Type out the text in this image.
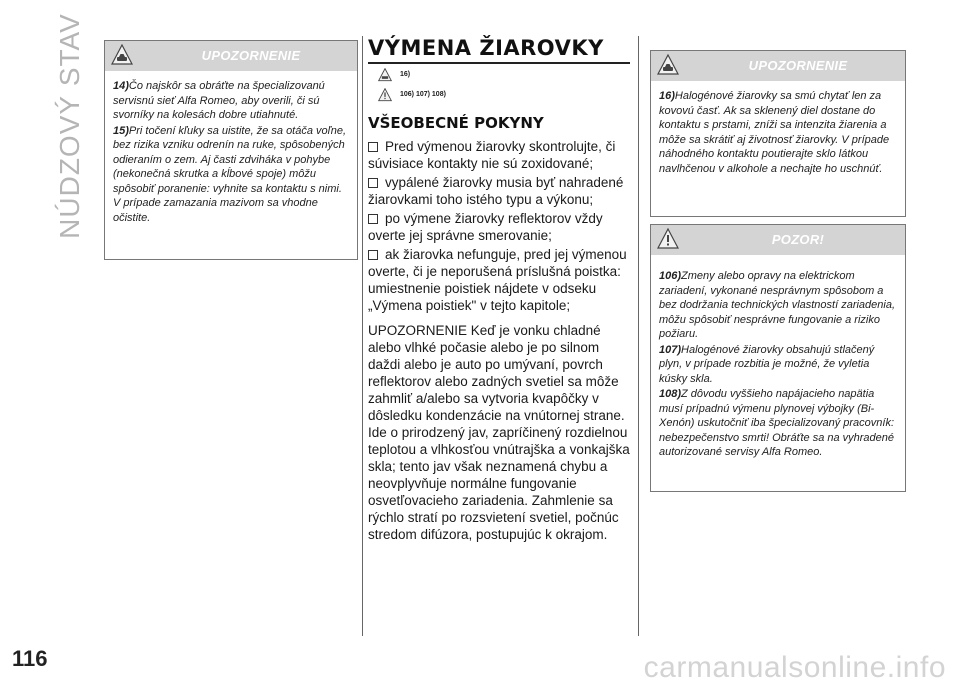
NÚDZOVÝ STAV	UPOZORNENIE

14)Čo najskôr sa obráťte na špecializovanú servisnú sieť Alfa Romeo, aby overili, či sú svorníky na kolesách dobre utiahnuté.

15)Pri točení kľuky sa uistite, že sa otáča voľne, bez rizika vzniku odrenín na ruke, spôsobených odieraním o zem. Aj časti zdviháka v pohybe (nekonečná skrutka a kĺbové spoje) môžu spôsobiť poranenie: vyhnite sa kontaktu s nimi. V prípade zamazania mazivom sa vhodne očistite.

VÝMENA ŽIAROVKY
16)
106) 107) 108)
VŠEOBECNÉ POKYNY

Pred výmenou žiarovky skontrolujte, či súvisiace kontakty nie sú zoxidované;

vypálené žiarovky musia byť nahradené žiarovkami toho istého typu a výkonu;

po výmene žiarovky reflektorov vždy overte jej správne smerovanie;

ak žiarovka nefunguje, pred jej výmenou overte, či je neporušená príslušná poistka: umiestnenie poistiek nájdete v odseku „Výmena poistiek" v tejto kapitole;

UPOZORNENIE Keď je vonku chladné alebo vlhké počasie alebo je po silnom daždi alebo je auto po umývaní, povrch reflektorov alebo zadných svetiel sa môže zahmliť a/alebo sa vytvoria kvapôčky v dôsledku kondenzácie na vnútornej strane. Ide o prirodzený jav, zapríčinený rozdielnou teplotou a vlhkosťou vnútrajška a vonkajška skla; tento jav však neznamená chybu a neovplyvňuje normálne fungovanie osvetľovacieho zariadenia. Zahmlenie sa rýchlo stratí po rozsvietení svetiel, počnúc stredom difúzora, postupujúc k okrajom.

UPOZORNENIE

16)Halogénové žiarovky sa smú chytať len za kovovú časť. Ak sa sklenený diel dostane do kontaktu s prstami, zníži sa intenzita žiarenia a môže sa skrátiť aj životnosť žiarovky. V prípade náhodného kontaktu poutierajte sklo látkou navlhčenou v alkohole a nechajte ho uschnúť.

POZOR!

106)Zmeny alebo opravy na elektrickom zariadení, vykonané nesprávnym spôsobom a bez dodržania technických vlastností zariadenia, môžu spôsobiť nesprávne fungovanie a riziko požiaru.

107)Halogénové žiarovky obsahujú stlačený plyn, v prípade rozbitia je možné, že vyletia kúsky skla.

108)Z dôvodu vyššieho napájacieho napätia musí prípadnú výmenu plynovej výbojky (Bi-Xenón) uskutočniť iba špecializovaný pracovník: nebezpečenstvo smrti! Obráťte sa na vyhradené autorizované servisy Alfa Romeo.

116	carmanualsonline.info
